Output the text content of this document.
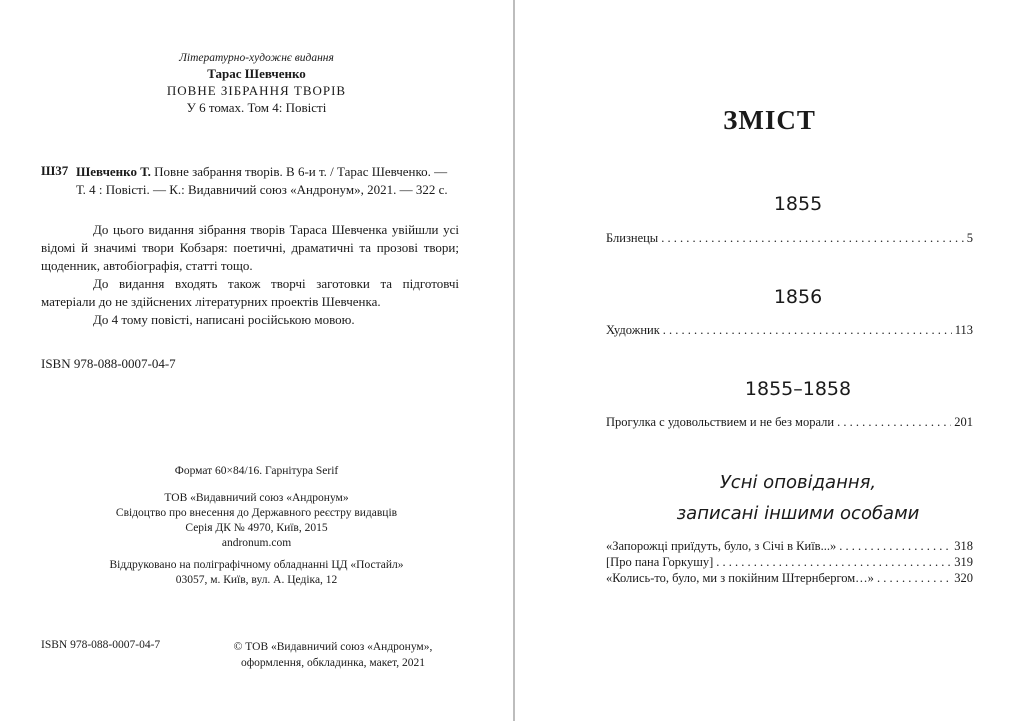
Літературно-художнє видання
Тарас Шевченко
ПОВНЕ ЗІБРАННЯ ТВОРІВ
У 6 томах. Том 4: Повісті
Ш37 Шевченко Т. Повне забрання творів. В 6-и т. / Тарас Шевченко. —
Т. 4 : Повісті. — К.: Видавничий союз «Андронум», 2021. — 322 с.

До цього видання зібрання творів Тараса Шевченка увійшли усі відомі й значимі твори Кобзаря: поетичні, драматичні та прозові твори; щоденник, автобіографія, статті тощо.

До видання входять також творчі заготовки та підготовчі матеріали до не здійснених літературних проектів Шевченка.

До 4 тому повісті, написані російською мовою.

ISBN 978-088-0007-04-7
Формат 60×84/16. Гарнітура Serif
ТОВ «Видавничий союз «Андронум»
Свідоцтво про внесення до Державного реєстру видавців
Серія ДК № 4970, Київ, 2015
andronum.com
Віддруковано на поліграфічному обладнанні ЦД «Постайл»
03057, м. Київ, вул. А. Цедіка, 12
ISBN 978-088-0007-04-7	© ТОВ «Видавничий союз «Андронум»,
оформлення, обкладинка, макет, 2021
ЗМІСТ
1855
Близнецы . . .	5
1856
Художник . . .	113
1855–1858
Прогулка с удовольствием и не без морали . . .	201
Усні оповідання,
записані іншими особами
«Запорожці приїдуть, було, з Січі в Київ...» . . .	318
[Про пана Горкушу] . . .	319
«Колись-то, було, ми з покійним Штернбергом…» . . .	320
